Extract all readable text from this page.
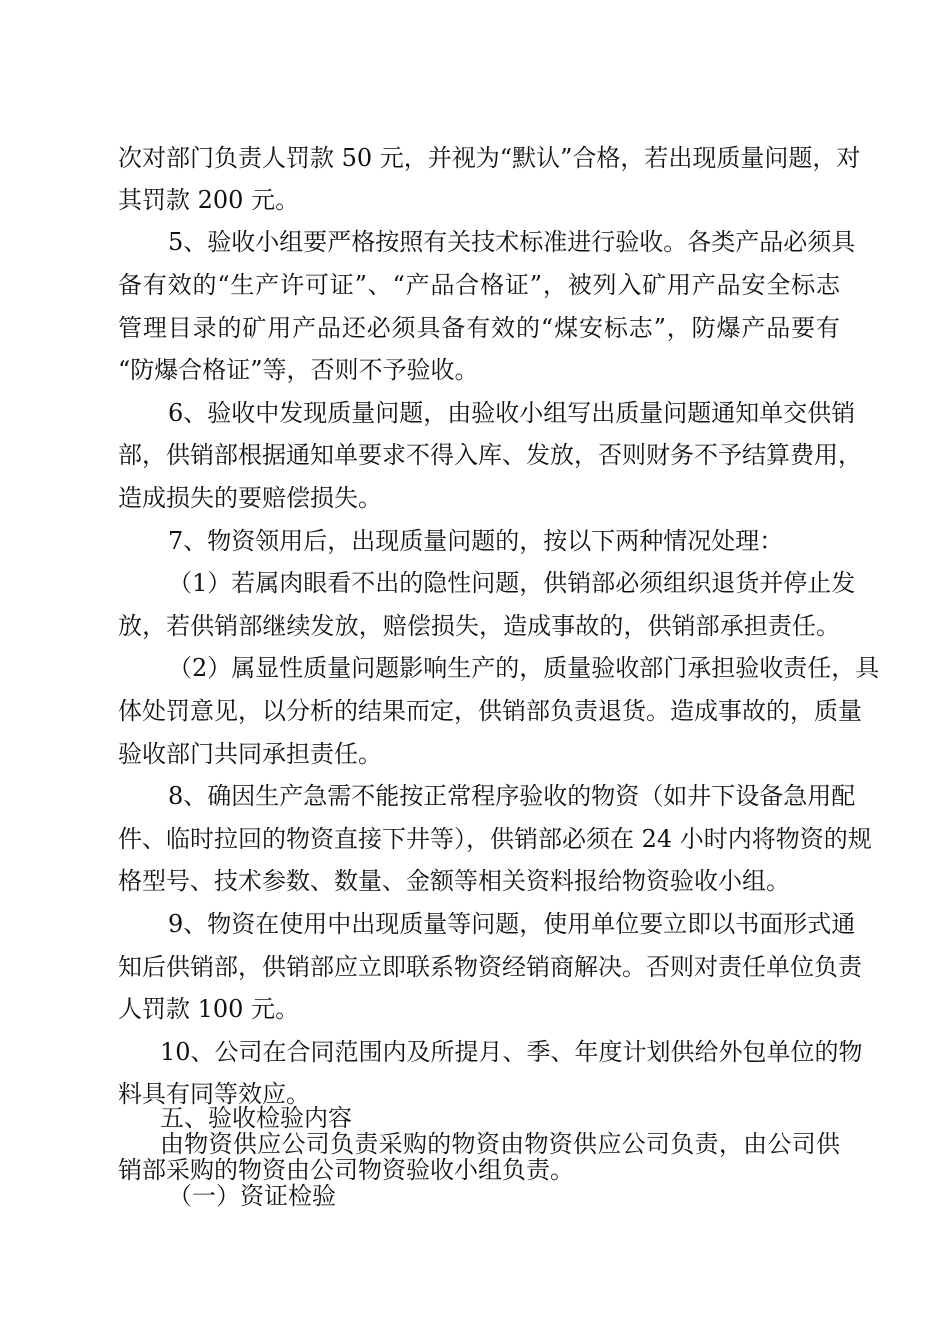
次对部门负责人罚款 50 元，并视为“默认”合格，若出现质量问题，对
其罚款 200 元。
5、验收小组要严格按照有关技术标准进行验收。各类产品必须具
备有效的“生产许可证”、“产品合格证”，被列入矿用产品安全标志
管理目录的矿用产品还必须具备有效的“煤安标志”，防爆产品要有
“防爆合格证”等，否则不予验收。
6、验收中发现质量问题，由验收小组写出质量问题通知单交供销
部，供销部根据通知单要求不得入库、发放，否则财务不予结算费用，
造成损失的要赔偿损失。
7、物资领用后，出现质量问题的，按以下两种情况处理：
（1）若属肉眼看不出的隐性问题，供销部必须组织退货并停止发
放，若供销部继续发放，赔偿损失，造成事故的，供销部承担责任。
（2）属显性质量问题影响生产的，质量验收部门承担验收责任，具
体处罚意见，以分析的结果而定，供销部负责退货。造成事故的，质量
验收部门共同承担责任。
8、确因生产急需不能按正常程序验收的物资（如井下设备急用配
件、临时拉回的物资直接下井等），供销部必须在 24 小时内将物资的规
格型号、技术参数、数量、金额等相关资料报给物资验收小组。
9、物资在使用中出现质量等问题，使用单位要立即以书面形式通
知后供销部，供销部应立即联系物资经销商解决。否则对责任单位负责
人罚款 100 元。
10、公司在合同范围内及所提月、季、年度计划供给外包单位的物
料具有同等效应。
五、验收检验内容
由物资供应公司负责采购的物资由物资供应公司负责，由公司供
销部采购的物资由公司物资验收小组负责。
（一）资证检验
